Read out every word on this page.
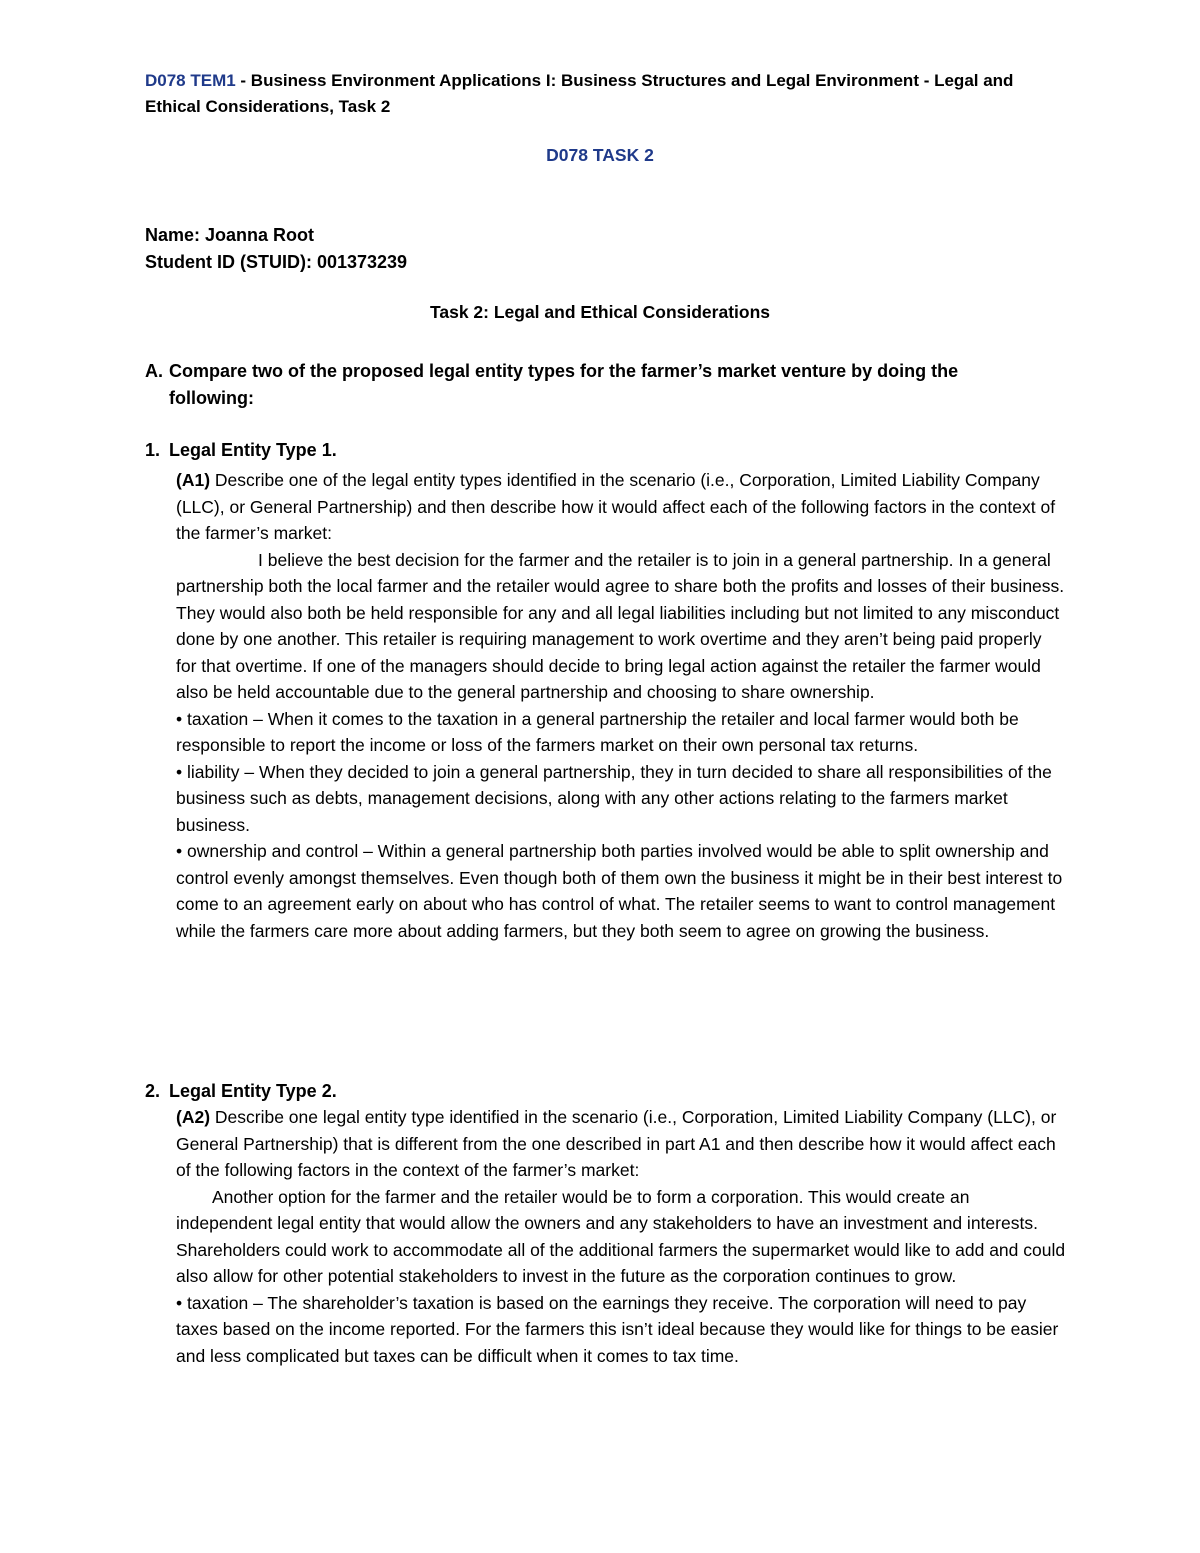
D078 TEM1 - Business Environment Applications I: Business Structures and Legal Environment - Legal and Ethical Considerations, Task 2
D078 TASK 2
Name: Joanna Root
Student ID (STUID): 001373239
Task 2: Legal and Ethical Considerations
A. Compare two of the proposed legal entity types for the farmer’s market venture by doing the following:
1. Legal Entity Type 1.

(A1) Describe one of the legal entity types identified in the scenario (i.e., Corporation, Limited Liability Company (LLC), or General Partnership) and then describe how it would affect each of the following factors in the context of the farmer’s market:

I believe the best decision for the farmer and the retailer is to join in a general partnership. In a general partnership both the local farmer and the retailer would agree to share both the profits and losses of their business. They would also both be held responsible for any and all legal liabilities including but not limited to any misconduct done by one another. This retailer is requiring management to work overtime and they aren’t being paid properly for that overtime. If one of the managers should decide to bring legal action against the retailer the farmer would also be held accountable due to the general partnership and choosing to share ownership.

• taxation – When it comes to the taxation in a general partnership the retailer and local farmer would both be responsible to report the income or loss of the farmers market on their own personal tax returns.

• liability – When they decided to join a general partnership, they in turn decided to share all responsibilities of the business such as debts, management decisions, along with any other actions relating to the farmers market business.

• ownership and control – Within a general partnership both parties involved would be able to split ownership and control evenly amongst themselves. Even though both of them own the business it might be in their best interest to come to an agreement early on about who has control of what. The retailer seems to want to control management while the farmers care more about adding farmers, but they both seem to agree on growing the business.

2. Legal Entity Type 2.

(A2) Describe one legal entity type identified in the scenario (i.e., Corporation, Limited Liability Company (LLC), or General Partnership) that is different from the one described in part A1 and then describe how it would affect each of the following factors in the context of the farmer’s market:

Another option for the farmer and the retailer would be to form a corporation. This would create an independent legal entity that would allow the owners and any stakeholders to have an investment and interests. Shareholders could work to accommodate all of the additional farmers the supermarket would like to add and could also allow for other potential stakeholders to invest in the future as the corporation continues to grow.

• taxation – The shareholder’s taxation is based on the earnings they receive. The corporation will need to pay taxes based on the income reported. For the farmers this isn’t ideal because they would like for things to be easier and less complicated but taxes can be difficult when it comes to tax time.
